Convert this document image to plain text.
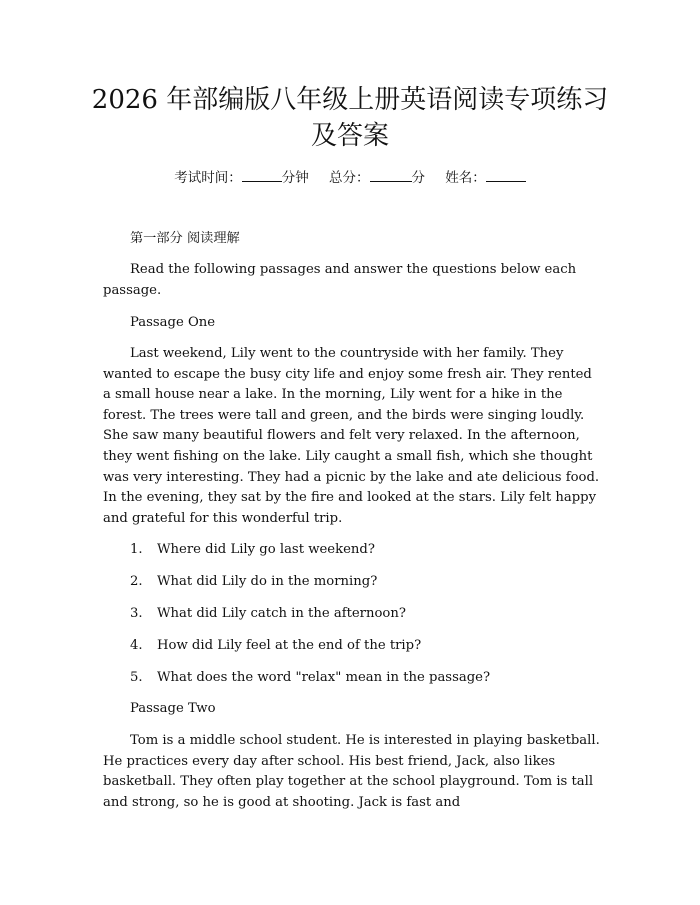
2026 年部编版八年级上册英语阅读专项练习
及答案
考试时间：	分钟 总分：	分 姓名：
第一部分 阅读理解
Read the following passages and answer the questions below each passage.
Passage One
Last weekend, Lily went to the countryside with her family. They wanted to escape the busy city life and enjoy some fresh air. They rented a small house near a lake. In the morning, Lily went for a hike in the forest. The trees were tall and green, and the birds were singing loudly. She saw many beautiful flowers and felt very relaxed. In the afternoon, they went fishing on the lake. Lily caught a small fish, which she thought was very interesting. They had a picnic by the lake and ate delicious food. In the evening, they sat by the fire and looked at the stars. Lily felt happy and grateful for this wonderful trip.
1. Where did Lily go last weekend?
2. What did Lily do in the morning?
3. What did Lily catch in the afternoon?
4. How did Lily feel at the end of the trip?
5. What does the word "relax" mean in the passage?
Passage Two
Tom is a middle school student. He is interested in playing basketball. He practices every day after school. His best friend, Jack, also likes basketball. They often play together at the school playground. Tom is tall and strong, so he is good at shooting. Jack is fast and
